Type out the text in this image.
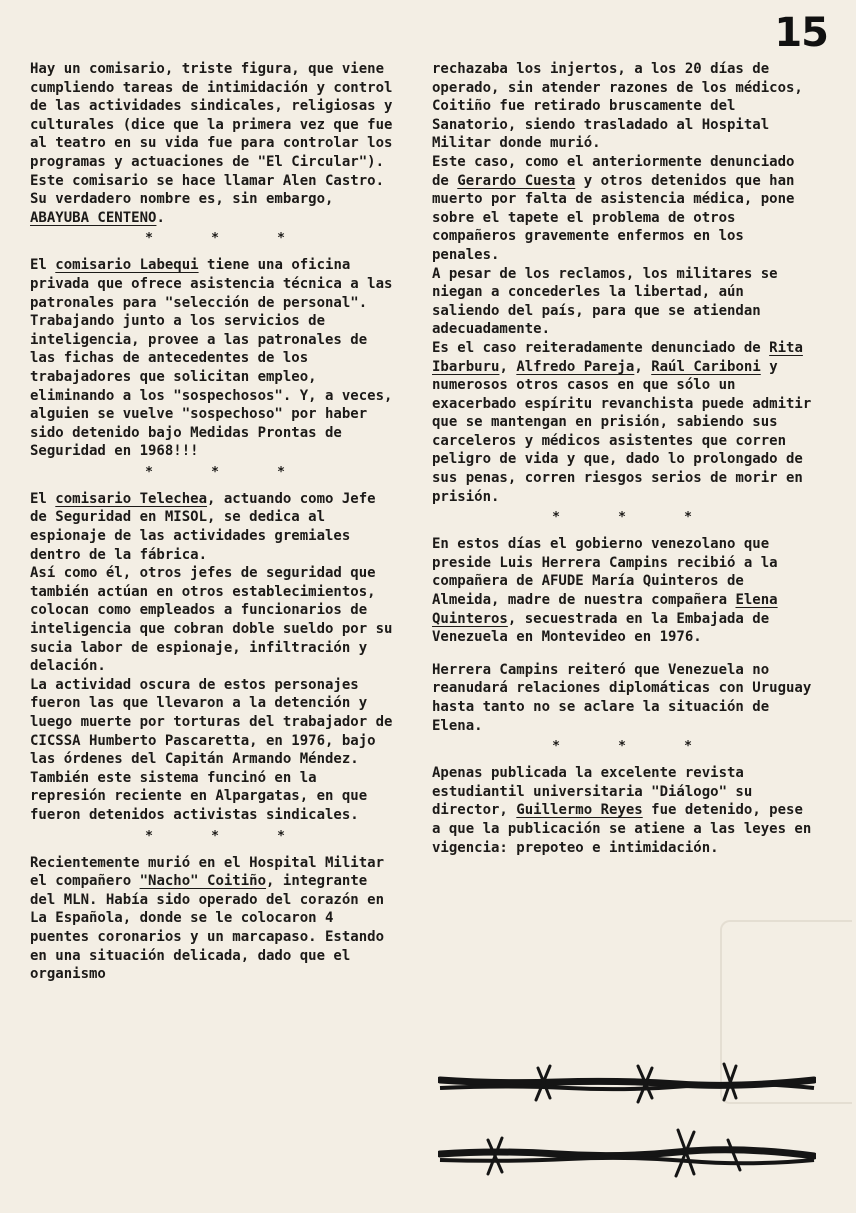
15

Hay un comisario, triste figura, que viene cumpliendo tareas de intimidación y control de las actividades sindicales, religiosas y culturales (dice que la primera vez que fue al teatro en su vida fue para controlar los programas y actuaciones de "El Circular"). Este comisario se hace llamar Alen Castro. Su verdadero nombre es, sin embargo, ABAYUBA CENTENO.

*	*	*

El comisario Labequi tiene una oficina privada que ofrece asistencia técnica a las patronales para "selección de personal". Trabajando junto a los servicios de inteligencia, provee a las patronales de las fichas de antecedentes de los trabajadores que solicitan empleo, eliminando a los "sospechosos". Y, a veces, alguien se vuelve "sospechoso" por haber sido detenido bajo Medidas Prontas de Seguridad en 1968!!!

*	*	*

El comisario Telechea, actuando como Jefe de Seguridad en MISOL, se dedica al espionaje de las actividades gremiales dentro de la fábrica.

Así como él, otros jefes de seguridad que también actúan en otros establecimientos, colocan como empleados a funcionarios de inteligencia que cobran doble sueldo por su sucia labor de espionaje, infiltración y delación.

La actividad oscura de estos personajes fueron las que llevaron a la detención y luego muerte por torturas del trabajador de CICSSA Humberto Pascaretta, en 1976, bajo las órdenes del Capitán Armando Méndez.

También este sistema funcinó en la represión reciente en Alpargatas, en que fueron detenidos activistas sindicales.

*	*	*

Recientemente murió en el Hospital Militar el compañero "Nacho" Coitiño, integrante del MLN. Había sido operado del corazón en La Española, donde se le colocaron 4 puentes coronarios y un marcapaso. Estando en una situación delicada, dado que el organismo

rechazaba los injertos, a los 20 días de operado, sin atender razones de los médicos, Coitiño fue retirado bruscamente del Sanatorio, siendo trasladado al Hospital Militar donde murió.

Este caso, como el anteriormente denunciado de Gerardo Cuesta y otros detenidos que han muerto por falta de asistencia médica, pone sobre el tapete el problema de otros compañeros gravemente enfermos en los penales.

A pesar de los reclamos, los militares se niegan a concederles la libertad, aún saliendo del país, para que se atiendan adecuadamente.

Es el caso reiteradamente denunciado de Rita Ibarburu, Alfredo Pareja, Raúl Cariboni y numerosos otros casos en que sólo un exacerbado espíritu revanchista puede admitir que se mantengan en prisión, sabiendo sus carceleros y médicos asistentes que corren peligro de vida y que, dado lo prolongado de sus penas, corren riesgos serios de morir en prisión.

*	*	*

En estos días el gobierno venezolano que preside Luis Herrera Campins recibió a la compañera de AFUDE María Quinteros de Almeida, madre de nuestra compañera Elena Quinteros, secuestrada en la Embajada de Venezuela en Montevideo en 1976.

Herrera Campins reiteró que Venezuela no reanudará relaciones diplomáticas con Uruguay hasta tanto no se aclare la situación de Elena.

*	*	*

Apenas publicada la excelente revista estudiantil universitaria "Diálogo" su director, Guillermo Reyes fue detenido, pese a que la publicación se atiene a las leyes en vigencia: prepoteo e intimidación.
